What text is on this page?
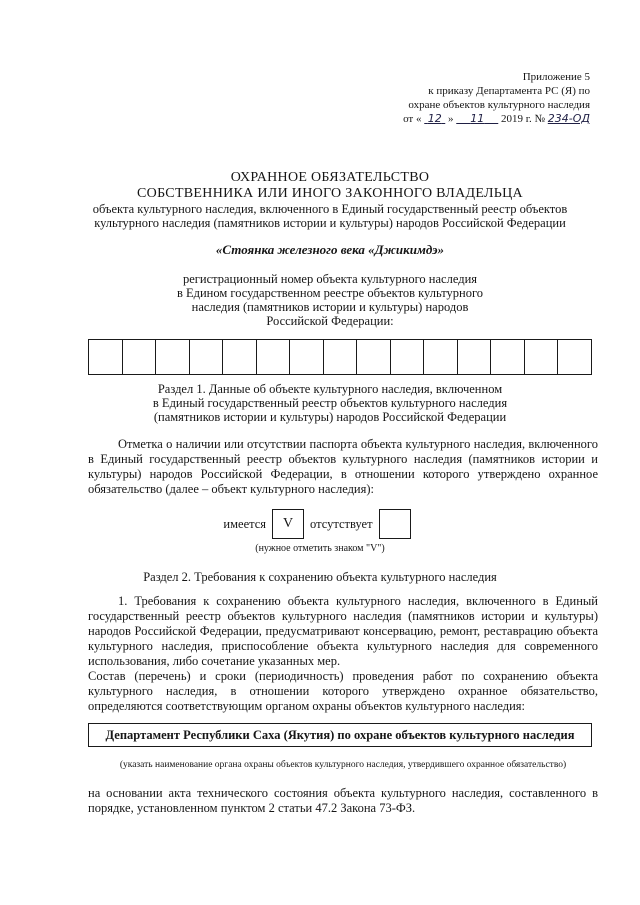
Приложение 5
к приказу Департамента РС (Я) по
охране объектов культурного наследия
от « 12 » 11 2019 г. № 234-ОД
ОХРАННОЕ ОБЯЗАТЕЛЬСТВО
СОБСТВЕННИКА ИЛИ ИНОГО ЗАКОННОГО ВЛАДЕЛЬЦА
объекта культурного наследия, включенного в Единый государственный реестр объектов
культурного наследия (памятников истории и культуры) народов Российской Федерации
«Стоянка железного века «Джикимдэ»
регистрационный номер объекта культурного наследия
в Едином государственном реестре объектов культурного
наследия (памятников истории и культуры) народов
Российской Федерации:
Раздел 1. Данные об объекте культурного наследия, включенном
в Единый государственный реестр объектов культурного наследия
(памятников истории и культуры) народов Российской Федерации
Отметка о наличии или отсутствии паспорта объекта культурного наследия, включенного в Единый государственный реестр объектов культурного наследия (памятников истории и культуры) народов Российской Федерации, в отношении которого утверждено охранное обязательство (далее – объект культурного наследия):
имеется	V	отсутствует
(нужное отметить знаком "V")
Раздел 2. Требования к сохранению объекта культурного наследия
1. Требования к сохранению объекта культурного наследия, включенного в Единый государственный реестр объектов культурного наследия (памятников истории и культуры) народов Российской Федерации, предусматривают консервацию, ремонт, реставрацию объекта культурного наследия, приспособление объекта культурного наследия для современного использования, либо сочетание указанных мер.
Состав (перечень) и сроки (периодичность) проведения работ по сохранению объекта культурного наследия, в отношении которого утверждено охранное обязательство, определяются соответствующим органом охраны объектов культурного наследия:
Департамент Республики Саха (Якутия) по охране объектов культурного наследия
(указать наименование органа охраны объектов культурного наследия, утвердившего охранное обязательство)
на основании акта технического состояния объекта культурного наследия, составленного в порядке, установленном пунктом 2 статьи 47.2 Закона 73-ФЗ.
